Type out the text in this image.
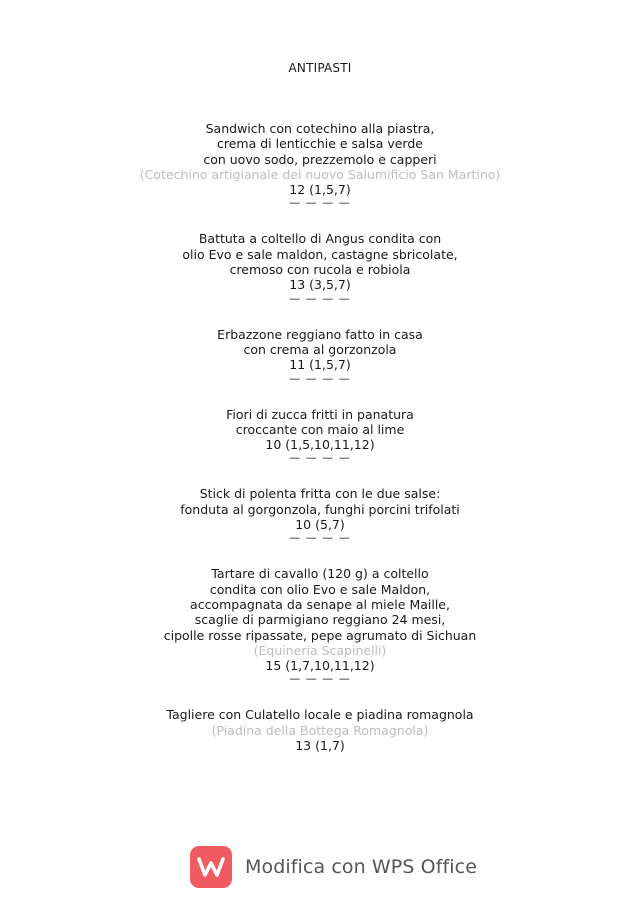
ANTIPASTI
Sandwich con cotechino alla piastra,
crema di lenticchie e salsa verde
con uovo sodo, prezzemolo e capperi
(Cotechino artigianale del nuovo Salumificio San Martino)
12 (1,5,7)
— — — —
Battuta a coltello di Angus condita con
olio Evo e sale maldon, castagne sbricolate,
cremoso con rucola e robiola
13 (3,5,7)
— — — —
Erbazzone reggiano fatto in casa
con crema al gorzonzola
11 (1,5,7)
— — — —
Fiori di zucca fritti in panatura
croccante con maio al lime
10 (1,5,10,11,12)
— — — —
Stick di polenta fritta con le due salse:
fonduta al gorgonzola, funghi porcini trifolati
10 (5,7)
— — — —
Tartare di cavallo (120 g) a coltello
condita con olio Evo e sale Maldon,
accompagnata da senape al miele Maille,
scaglie di parmigiano reggiano 24 mesi,
cipolle rosse ripassate, pepe agrumato di Sichuan
(Equineria Scapinelli)
15 (1,7,10,11,12)
— — — —
Tagliere con Culatello locale e piadina romagnola
(Piadina della Bottega Romagnola)
13 (1,7)
Modifica con WPS Office
